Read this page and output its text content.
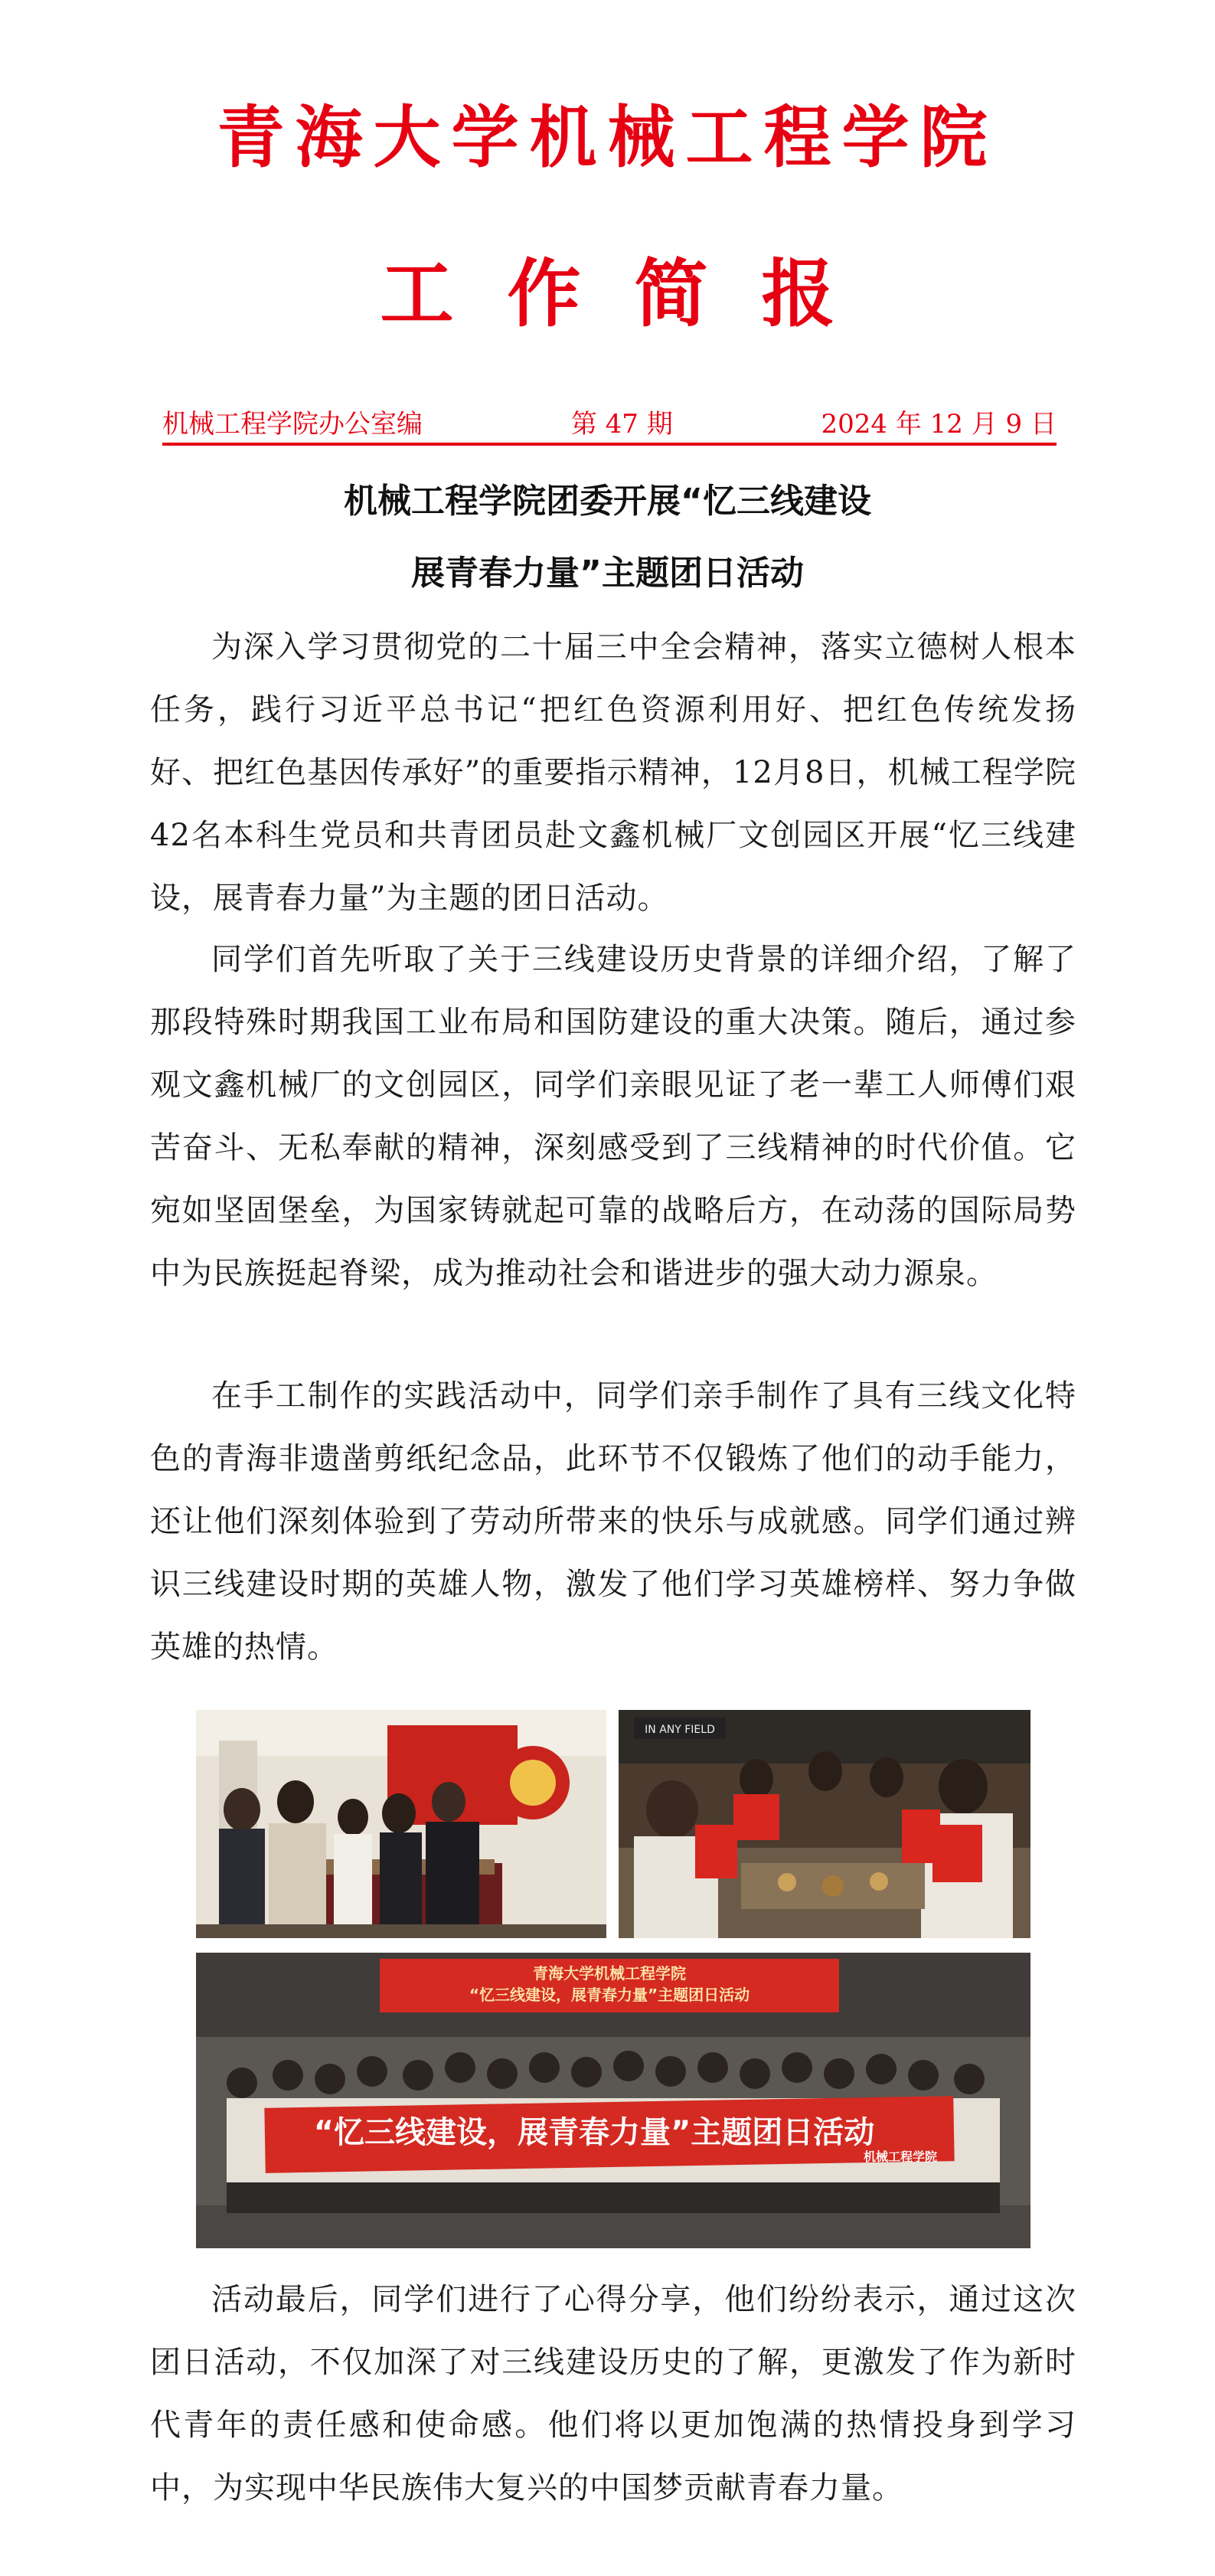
青海大学机械工程学院
工作简报
机械工程学院办公室编	第 47 期	2024 年 12 月 9 日
机械工程学院团委开展“忆三线建设
展青春力量”主题团日活动

为深入学习贯彻党的二十届三中全会精神，落实立德树人根本任务，践行习近平总书记“把红色资源利用好、把红色传统发扬好、把红色基因传承好”的重要指示精神，12月8日，机械工程学院42名本科生党员和共青团员赴文鑫机械厂文创园区开展“忆三线建设，展青春力量”为主题的团日活动。

同学们首先听取了关于三线建设历史背景的详细介绍，了解了那段特殊时期我国工业布局和国防建设的重大决策。随后，通过参观文鑫机械厂的文创园区，同学们亲眼见证了老一辈工人师傅们艰苦奋斗、无私奉献的精神，深刻感受到了三线精神的时代价值。它宛如坚固堡垒，为国家铸就起可靠的战略后方，在动荡的国际局势中为民族挺起脊梁，成为推动社会和谐进步的强大动力源泉。

在手工制作的实践活动中，同学们亲手制作了具有三线文化特色的青海非遗凿剪纸纪念品，此环节不仅锻炼了他们的动手能力，还让他们深刻体验到了劳动所带来的快乐与成就感。同学们通过辨识三线建设时期的英雄人物，激发了他们学习英雄榜样、努力争做英雄的热情。

IN ANY FIELD
青海大学机械工程学院
“忆三线建设，展青春力量”主题团日活动
“忆三线建设，展青春力量”主题团日活动
机械工程学院

活动最后，同学们进行了心得分享，他们纷纷表示，通过这次团日活动，不仅加深了对三线建设历史的了解，更激发了作为新时代青年的责任感和使命感。他们将以更加饱满的热情投身到学习中，为实现中华民族伟大复兴的中国梦贡献青春力量。
